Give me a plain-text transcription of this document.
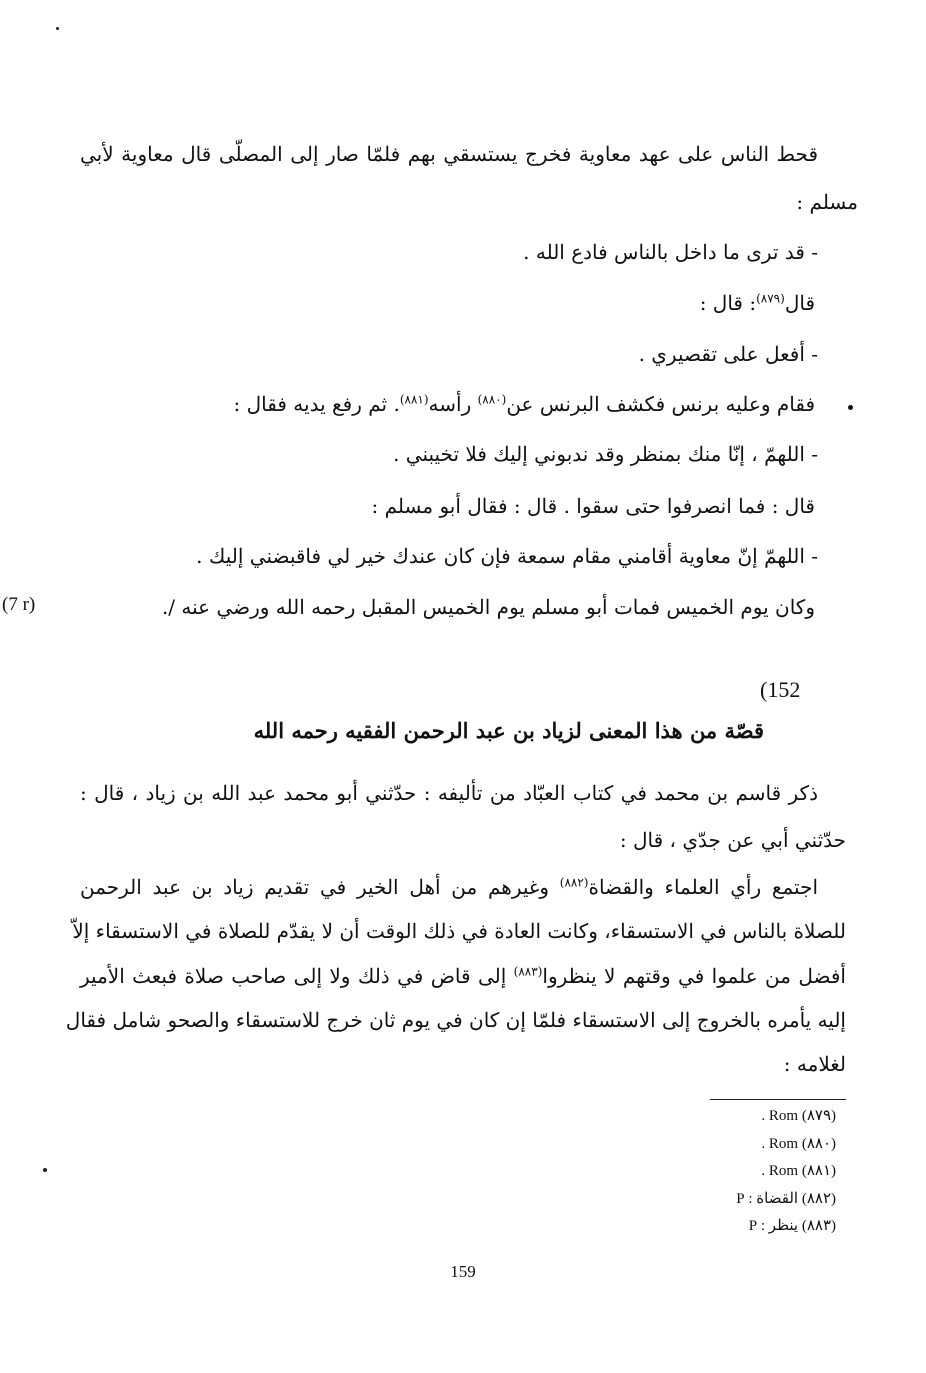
قحط الناس على عهد معاوية فخرج يستسقي بهم فلمّا صار إلى المصلّى قال معاوية لأبي
مسلم :
- قد ترى ما داخل بالناس فادع الله .
قال$^{(٨٧٩)}$: قال :
- أفعل على تقصيري .
فقام وعليه برنس فكشف البرنس عن$^{(٨٨٠)}$ رأسه$^{(٨٨١)}$. ثم رفع يديه فقال :
- اللهمّ ، إنّا منك بمنظر وقد ندبوني إليك فلا تخيبني .
قال : فما انصرفوا حتى سقوا . قال : فقال أبو مسلم :
- اللهمّ إنّ معاوية أقامني مقام سمعة فإن كان عندك خير لي فاقبضني إليك .
وكان يوم الخميس فمات أبو مسلم يوم الخميس المقبل رحمه الله ورضي عنه /.
(7 r)
(152
قصّة من هذا المعنى لزياد بن عبد الرحمن الفقيه رحمه الله
ذكر قاسم بن محمد في كتاب العبّاد من تأليفه : حدّثني أبو محمد عبد الله بن زياد ، قال :
حدّثني أبي عن جدّي ، قال :
اجتمع رأي العلماء والقضاة$^{(٨٨٢)}$ وغيرهم من أهل الخير في تقديم زياد بن عبد الرحمن
للصلاة بالناس في الاستسقاء، وكانت العادة في ذلك الوقت أن لا يقدّم للصلاة في الاستسقاء إلاّ
أفضل من علموا في وقتهم لا ينظروا$^{(٨٨٣)}$ إلى قاض في ذلك ولا إلى صاحب صلاة فبعث الأمير
إليه يأمره بالخروج إلى الاستسقاء فلمّا إن كان في يوم ثان خرج للاستسقاء والصحو شامل فقال
لغلامه :
(٨٧٩) Rom .
(٨٨٠) Rom .
(٨٨١) Rom .
(٨٨٢) القضاة : P
(٨٨٣) ينظر : P
159
